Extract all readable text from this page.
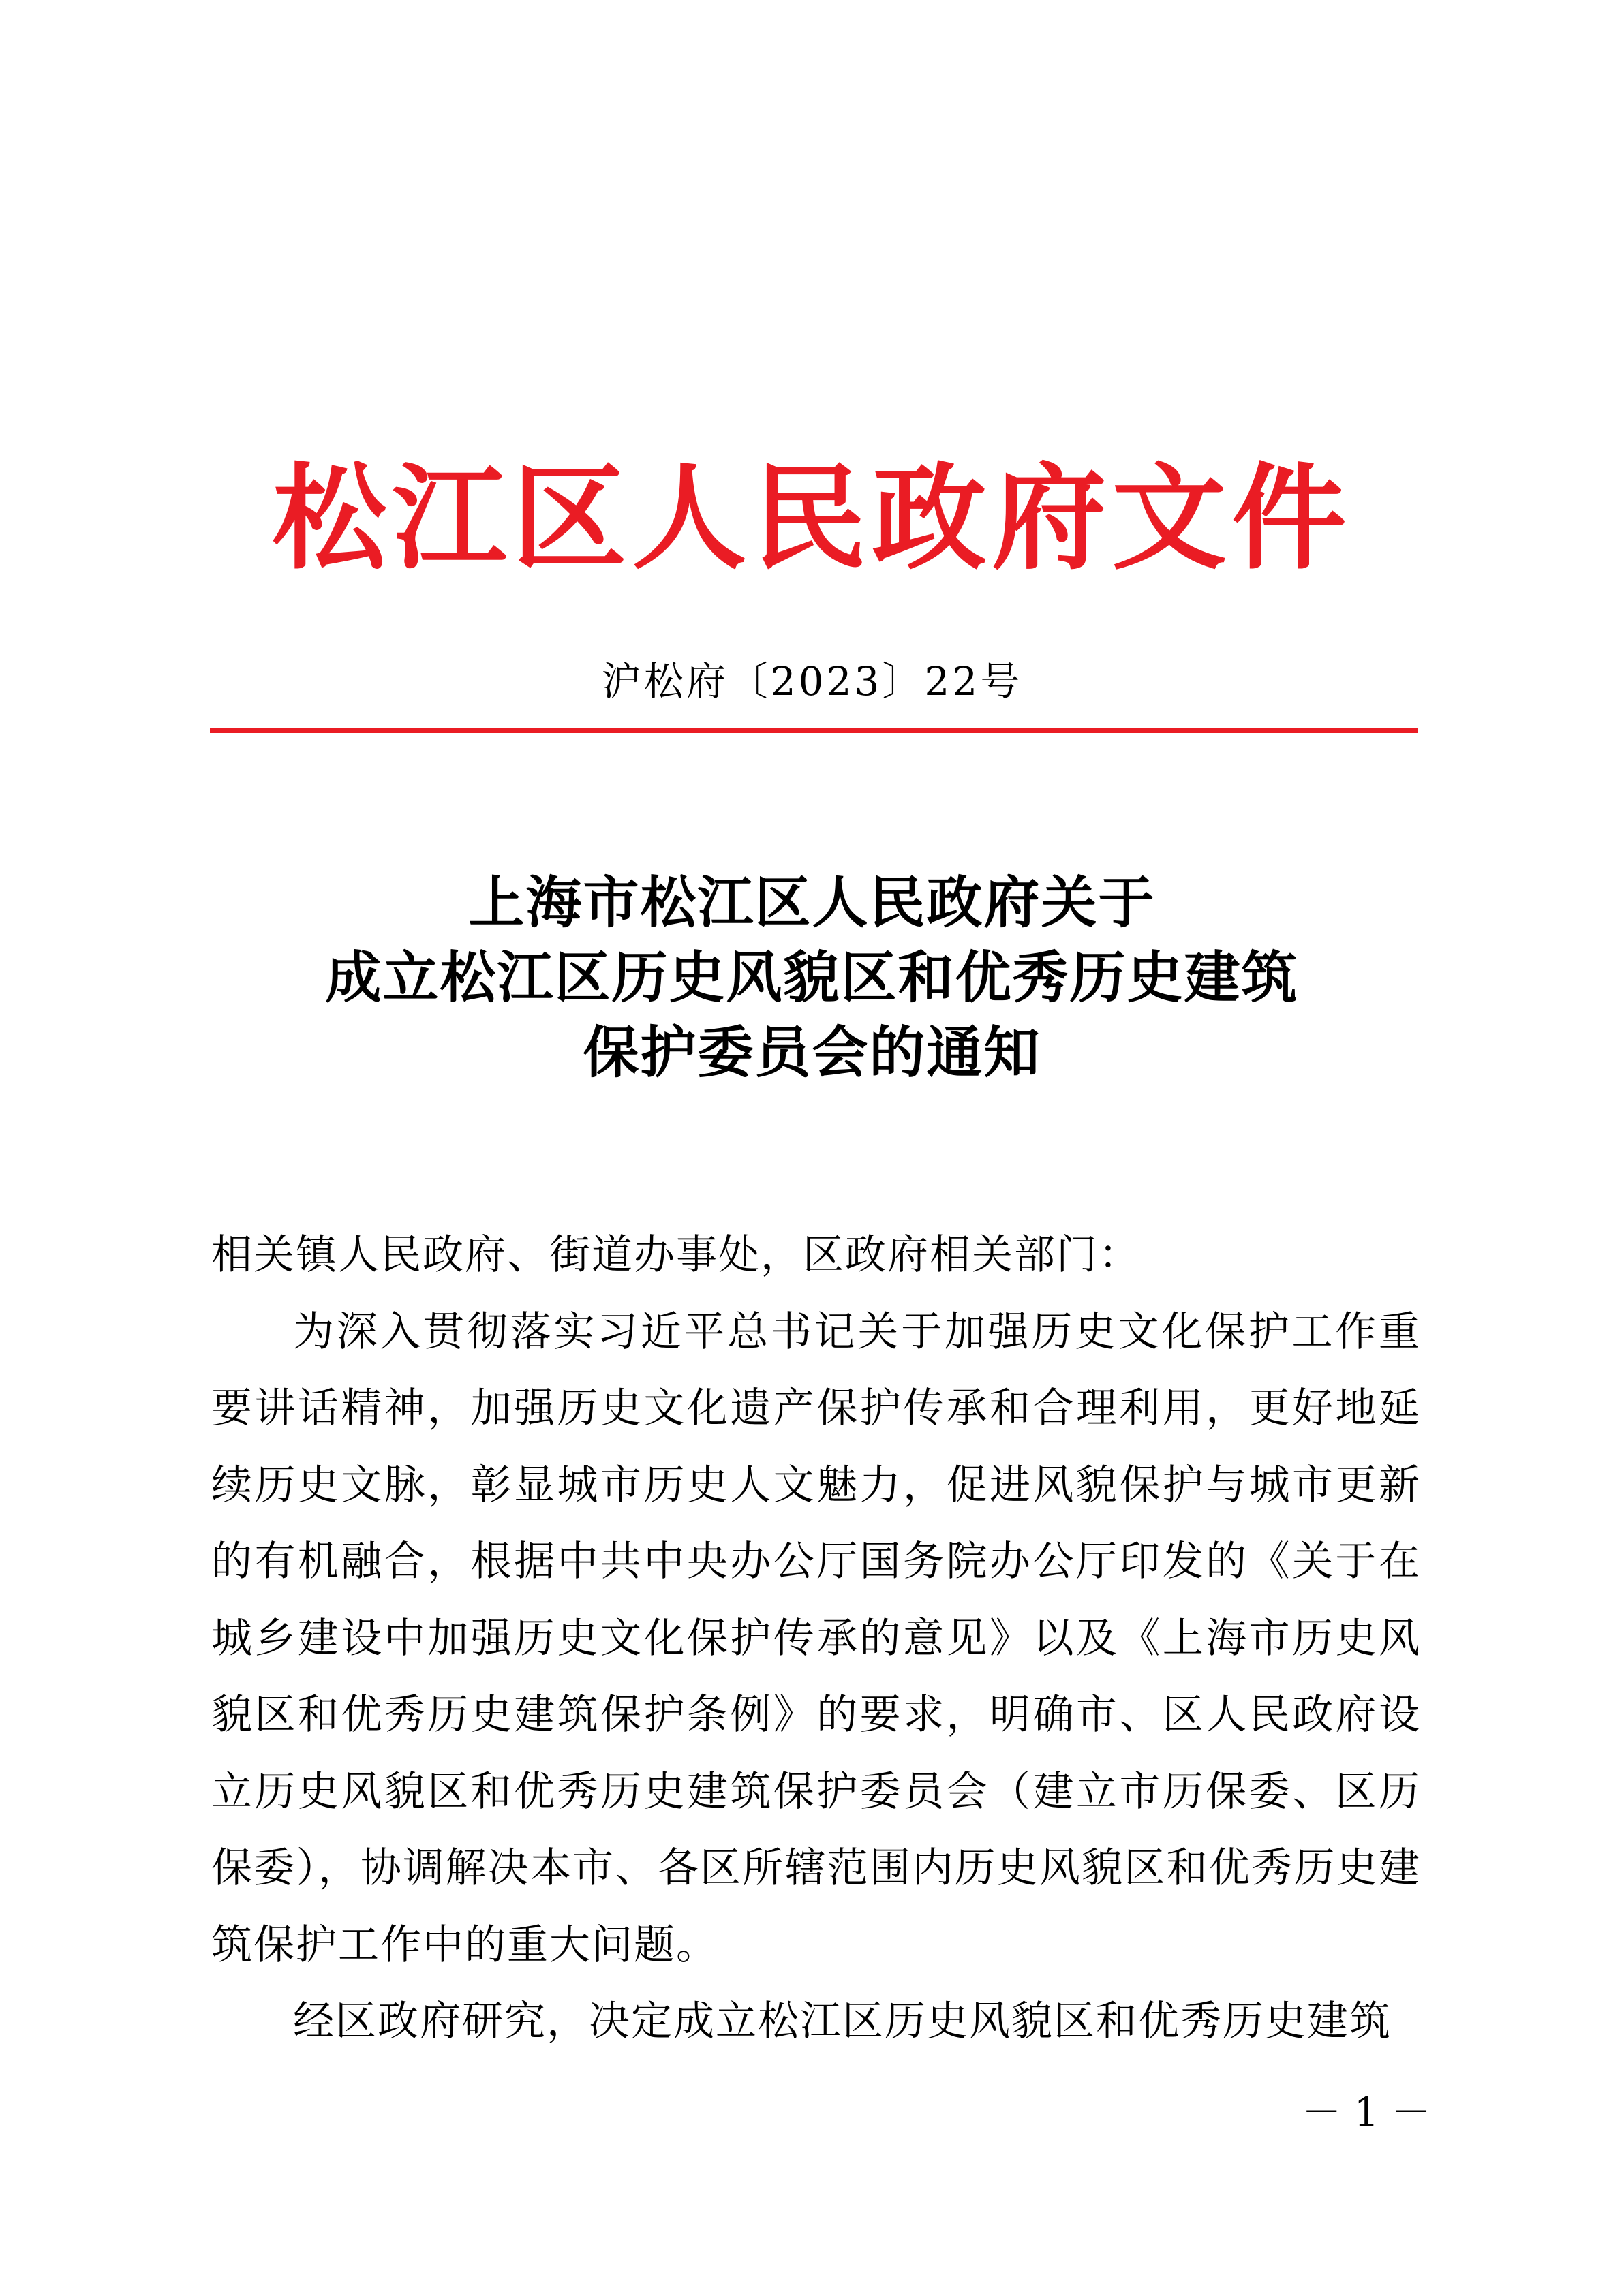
松江区人民政府文件
沪松府〔2023〕22号
上海市松江区人民政府关于
成立松江区历史风貌区和优秀历史建筑
保护委员会的通知

相关镇人民政府、街道办事处，区政府相关部门：

为深入贯彻落实习近平总书记关于加强历史文化保护工作重要讲话精神，加强历史文化遗产保护传承和合理利用，更好地延续历史文脉，彰显城市历史人文魅力，促进风貌保护与城市更新的有机融合，根据中共中央办公厅国务院办公厅印发的《关于在城乡建设中加强历史文化保护传承的意见》以及《上海市历史风貌区和优秀历史建筑保护条例》的要求，明确市、区人民政府设立历史风貌区和优秀历史建筑保护委员会（建立市历保委、区历保委），协调解决本市、各区所辖范围内历史风貌区和优秀历史建筑保护工作中的重大问题。

经区政府研究，决定成立松江区历史风貌区和优秀历史建筑

－ 1 －
